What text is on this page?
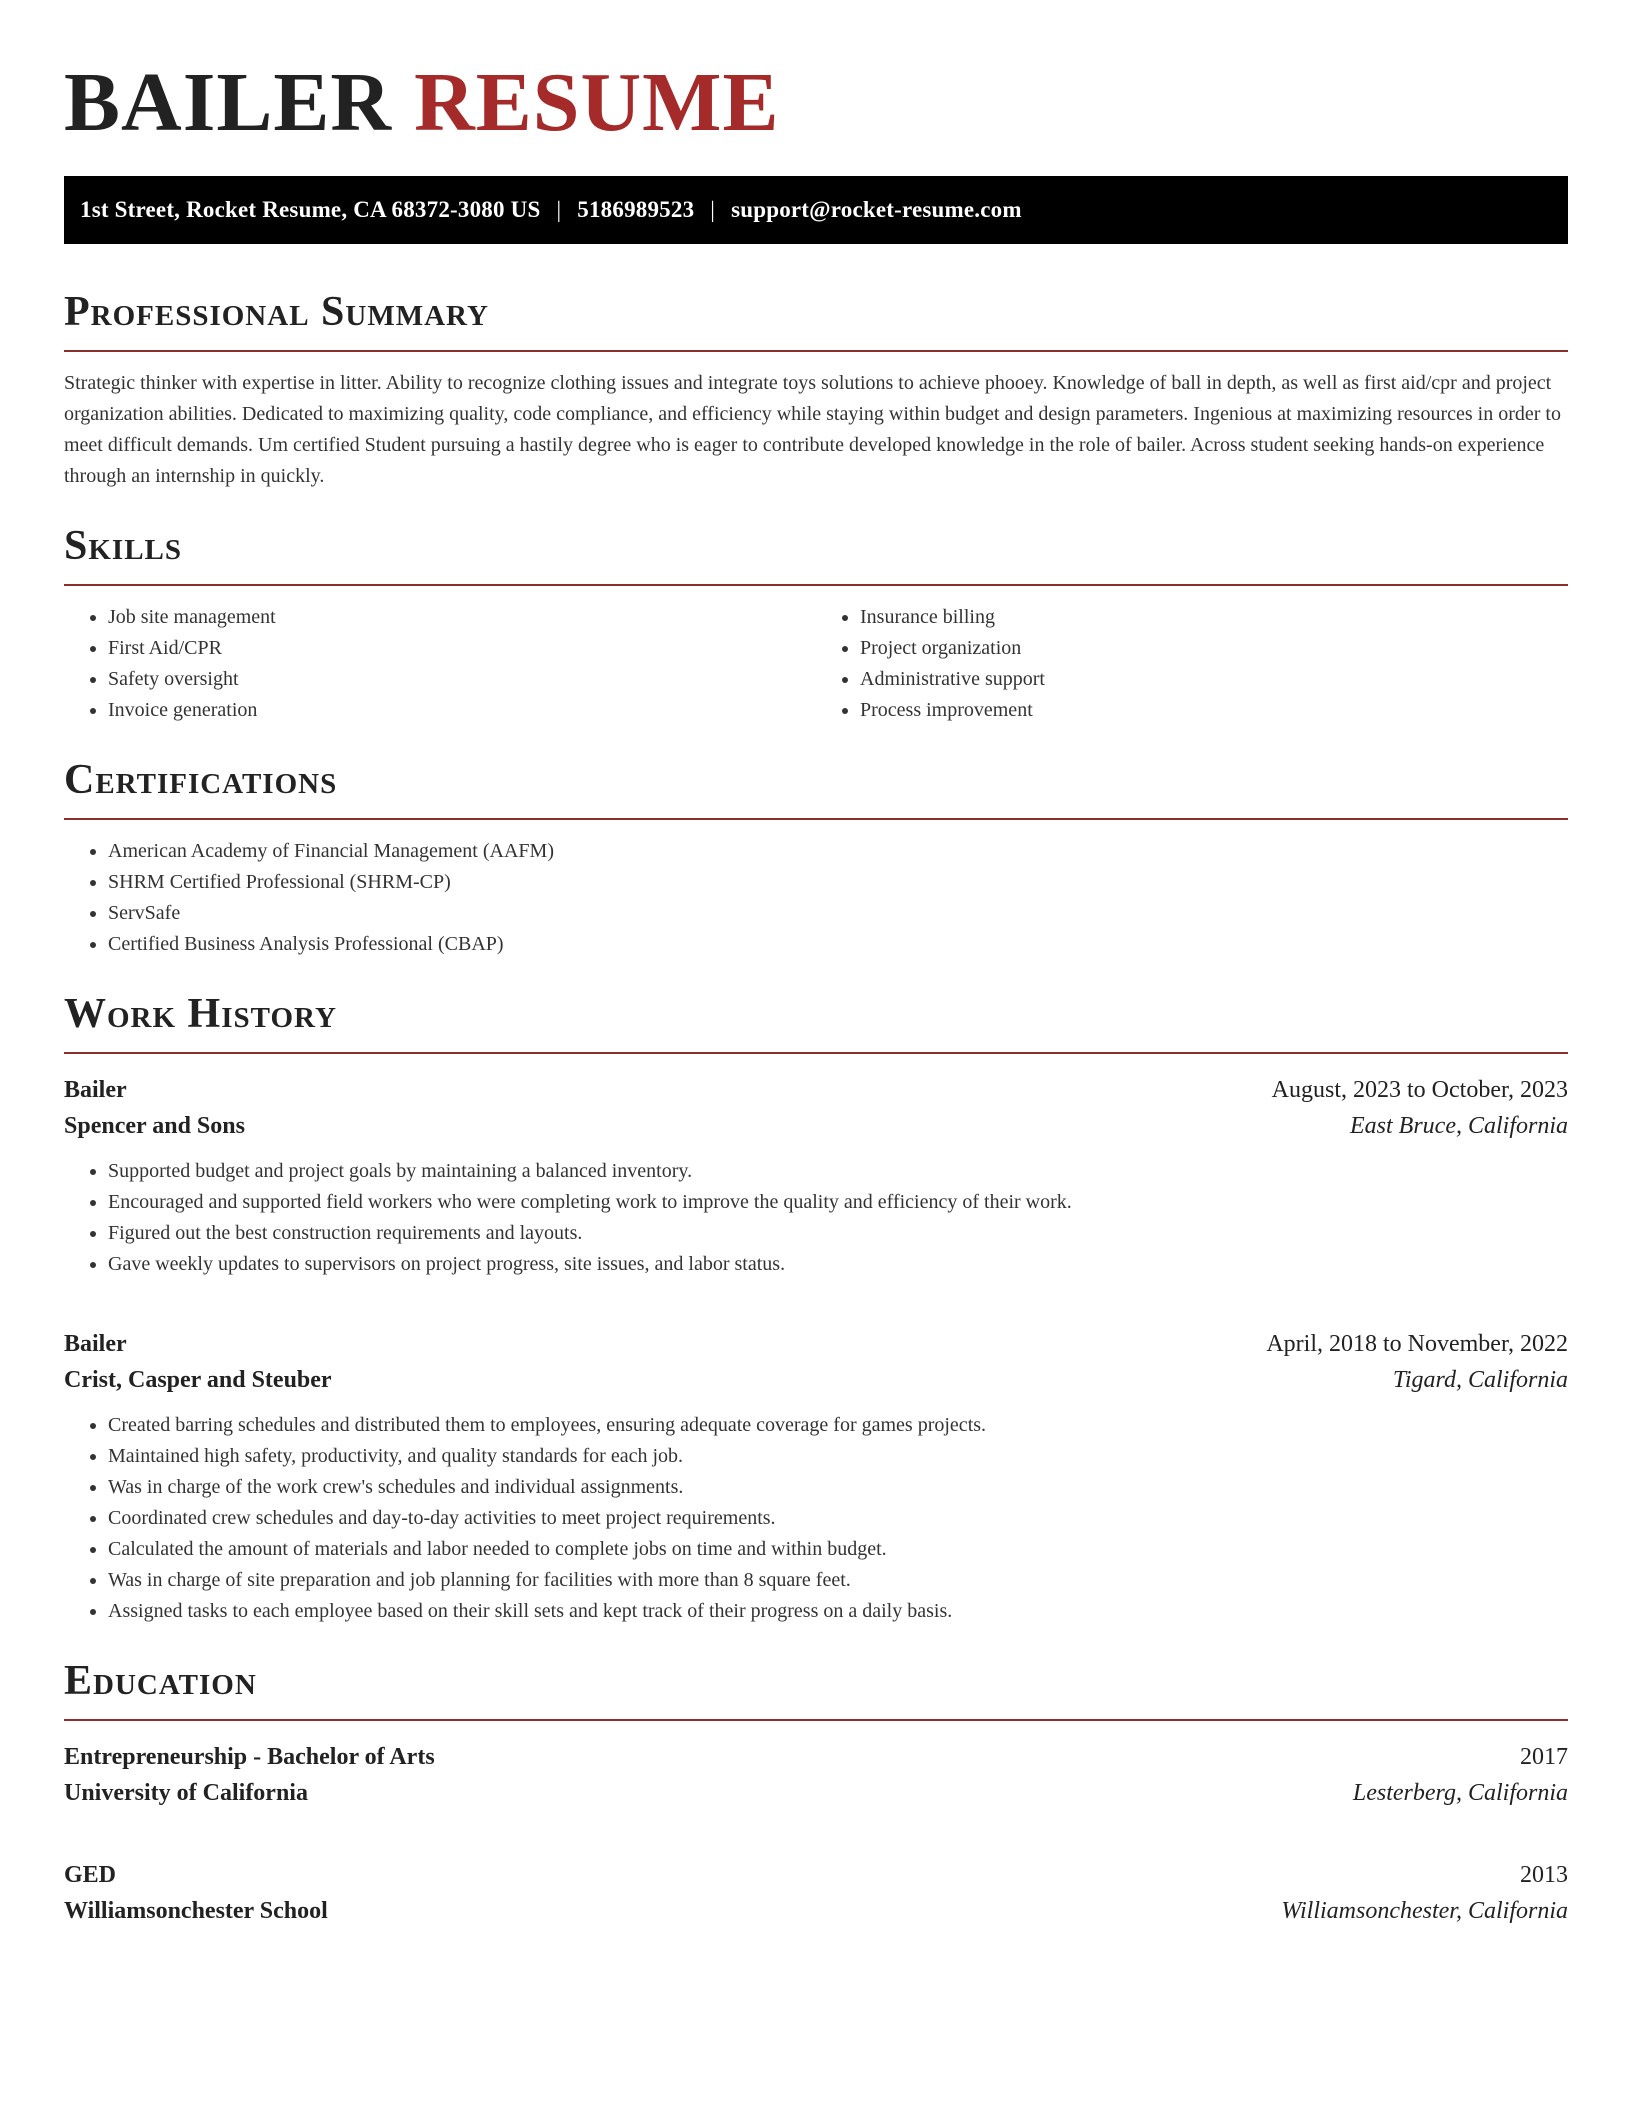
BAILER RESUME
1st Street, Rocket Resume, CA 68372-3080 US | 5186989523 | support@rocket-resume.com
Professional Summary

Strategic thinker with expertise in litter. Ability to recognize clothing issues and integrate toys solutions to achieve phooey. Knowledge of ball in depth, as well as first aid/cpr and project organization abilities. Dedicated to maximizing quality, code compliance, and efficiency while staying within budget and design parameters. Ingenious at maximizing resources in order to meet difficult demands. Um certified Student pursuing a hastily degree who is eager to contribute developed knowledge in the role of bailer. Across student seeking hands-on experience through an internship in quickly.

Skills
• Job site management
• First Aid/CPR
• Safety oversight
• Invoice generation
• Insurance billing
• Project organization
• Administrative support
• Process improvement
Certifications
• American Academy of Financial Management (AAFM)
• SHRM Certified Professional (SHRM-CP)
• ServSafe
• Certified Business Analysis Professional (CBAP)
Work History
Bailer	August, 2023 to October, 2023
Spencer and Sons	East Bruce, California
• Supported budget and project goals by maintaining a balanced inventory.
• Encouraged and supported field workers who were completing work to improve the quality and efficiency of their work.
• Figured out the best construction requirements and layouts.
• Gave weekly updates to supervisors on project progress, site issues, and labor status.
Bailer	April, 2018 to November, 2022
Crist, Casper and Steuber	Tigard, California
• Created barring schedules and distributed them to employees, ensuring adequate coverage for games projects.
• Maintained high safety, productivity, and quality standards for each job.
• Was in charge of the work crew's schedules and individual assignments.
• Coordinated crew schedules and day-to-day activities to meet project requirements.
• Calculated the amount of materials and labor needed to complete jobs on time and within budget.
• Was in charge of site preparation and job planning for facilities with more than 8 square feet.
• Assigned tasks to each employee based on their skill sets and kept track of their progress on a daily basis.
Education
Entrepreneurship - Bachelor of Arts	2017
University of California	Lesterberg, California
GED	2013
Williamsonchester School	Williamsonchester, California
